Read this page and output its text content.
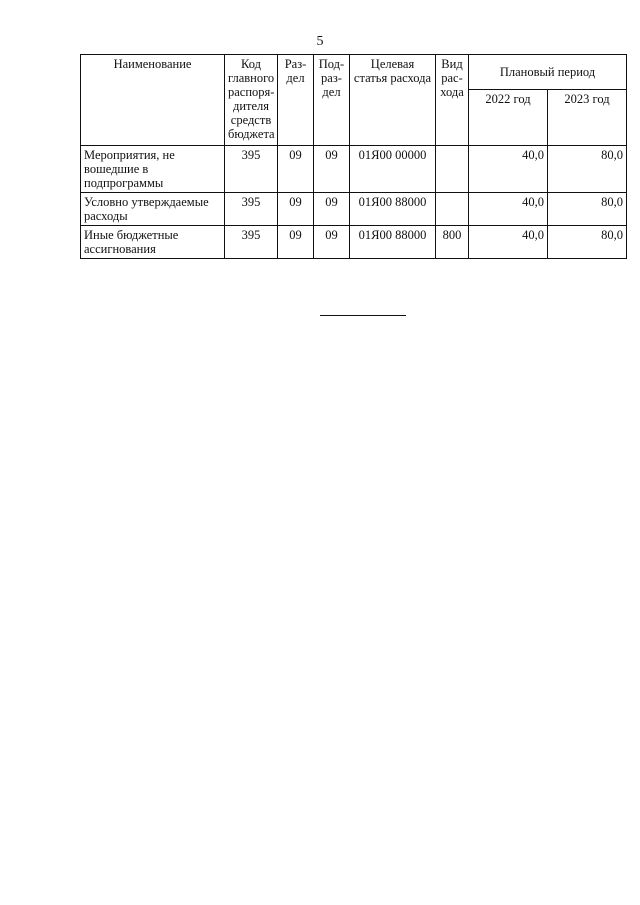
5
Наименование	Код главного распоря-дителя средств бюджета	Раз-дел	Под-раз-дел	Целевая статья расхода	Вид рас-хода	Плановый период	
						2022 год	2023 год
Мероприятия, не вошедшие в подпрограммы	395	09	09	01Я00 00000		40,0	80,0
Условно утверждаемые расходы	395	09	09	01Я00 88000		40,0	80,0
Иные бюджетные ассигнования	395	09	09	01Я00 88000	800	40,0	80,0
